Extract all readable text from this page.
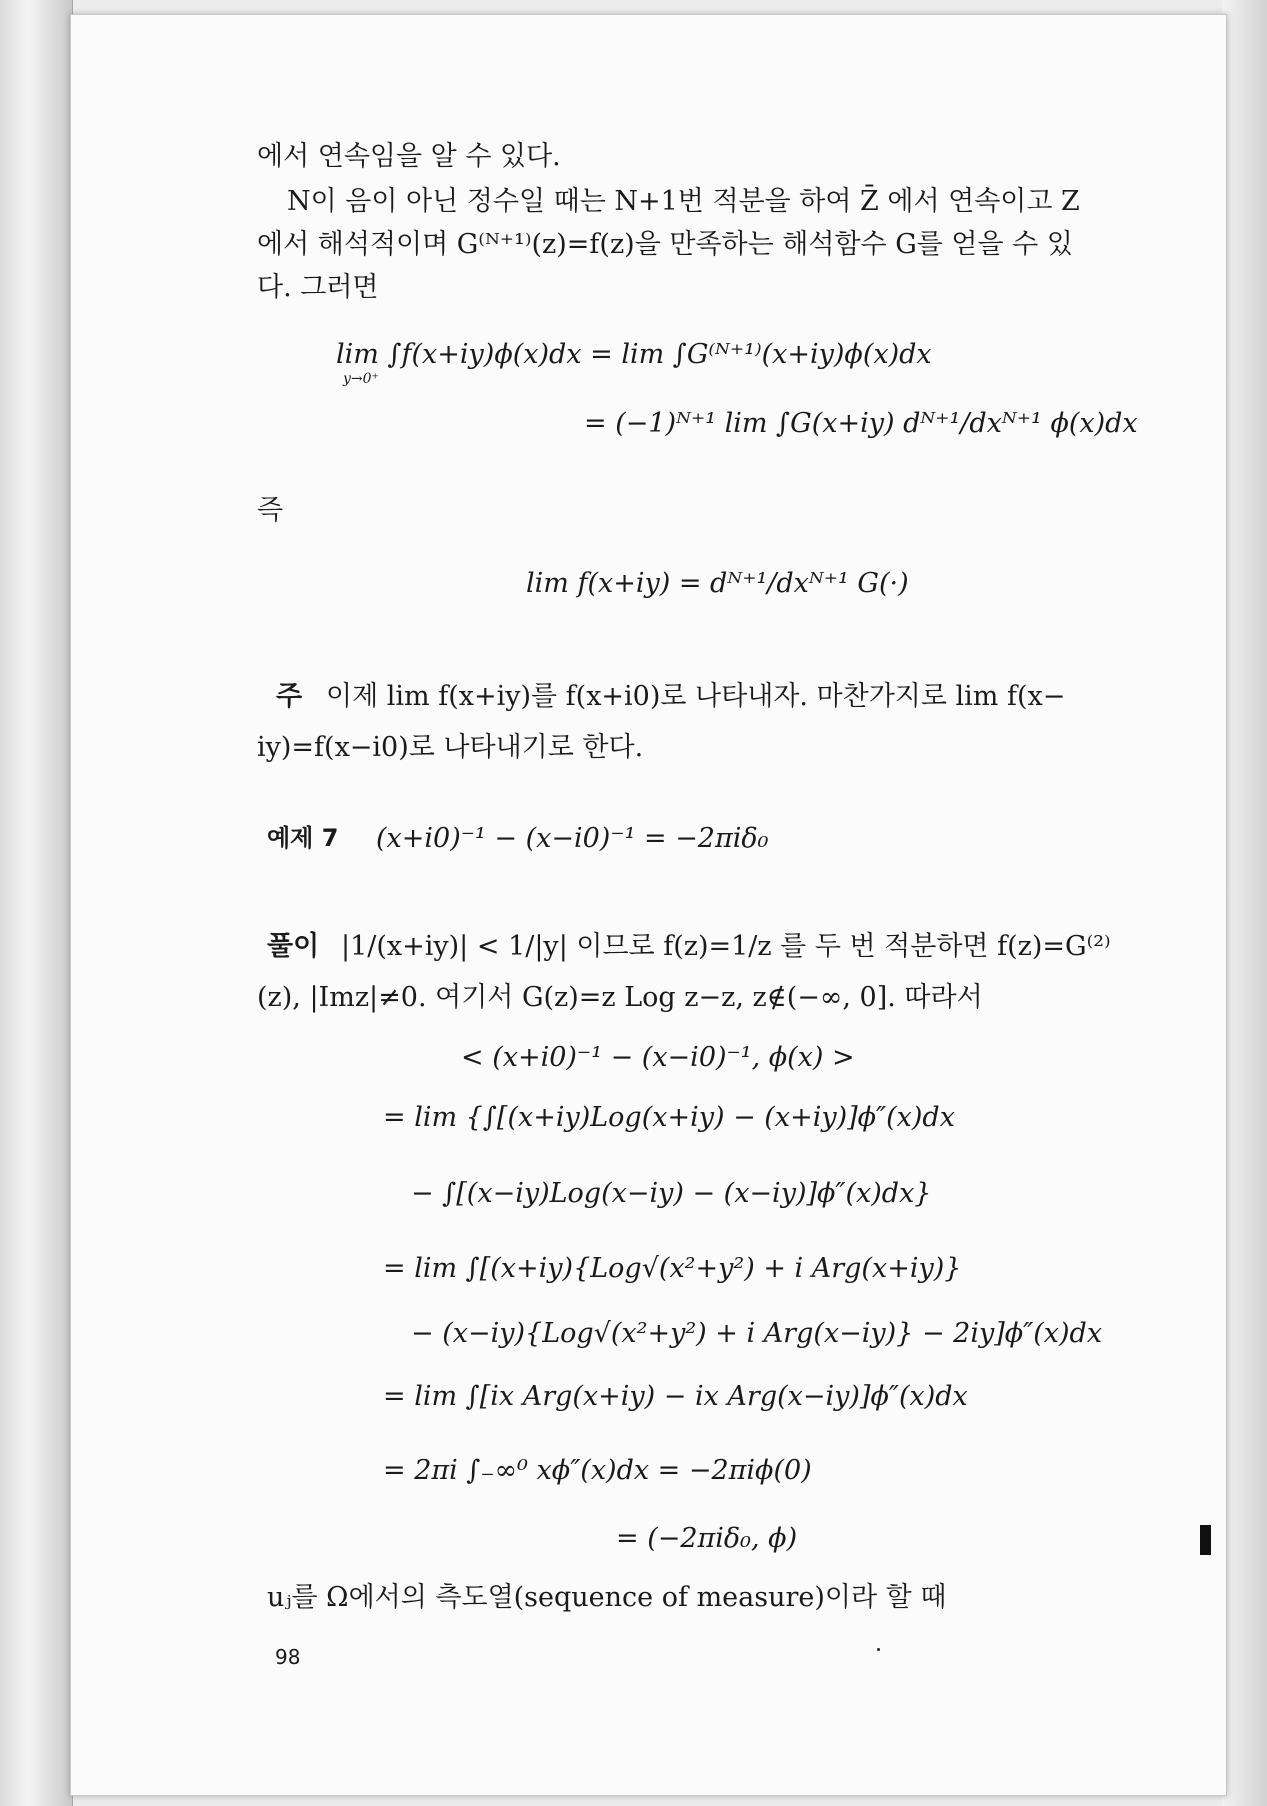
에서 연속임을 알 수 있다.
N이 음이 아닌 정수일 때는 N+1번 적분을 하여 Z̄ 에서 연속이고 Z
에서 해석적이며 G⁽ᴺ⁺¹⁾(z)=f(z)을 만족하는 해석함수 G를 얻을 수 있
다. 그러면
lim ∫f(x+iy)ϕ(x)dx = lim ∫G⁽ᴺ⁺¹⁾(x+iy)ϕ(x)dx
y→0⁺
= (−1)ᴺ⁺¹ lim ∫G(x+iy) dᴺ⁺¹/dxᴺ⁺¹ ϕ(x)dx
즉
lim f(x+iy) = dᴺ⁺¹/dxᴺ⁺¹ G(·)
주 이제 lim f(x+iy)를 f(x+i0)로 나타내자. 마찬가지로 lim f(x−
iy)=f(x−i0)로 나타내기로 한다.
예제 7 (x+i0)⁻¹ − (x−i0)⁻¹ = −2πiδ₀
풀이 |1/(x+iy)| < 1/|y| 이므로 f(z)=1/z 를 두 번 적분하면 f(z)=G⁽²⁾
(z), |Imz|≠0. 여기서 G(z)=z Log z−z, z∉(−∞, 0]. 따라서
< (x+i0)⁻¹ − (x−i0)⁻¹, ϕ(x) >
= lim {∫[(x+iy)Log(x+iy) − (x+iy)]ϕ″(x)dx
− ∫[(x−iy)Log(x−iy) − (x−iy)]ϕ″(x)dx}
= lim ∫[(x+iy){Log√(x²+y²) + i Arg(x+iy)}
− (x−iy){Log√(x²+y²) + i Arg(x−iy)} − 2iy]ϕ″(x)dx
= lim ∫[ix Arg(x+iy) − ix Arg(x−iy)]ϕ″(x)dx
= 2πi ∫₋∞⁰ xϕ″(x)dx = −2πiϕ(0)
= (−2πiδ₀, ϕ)
uⱼ를 Ω에서의 측도열(sequence of measure)이라 할 때
98
